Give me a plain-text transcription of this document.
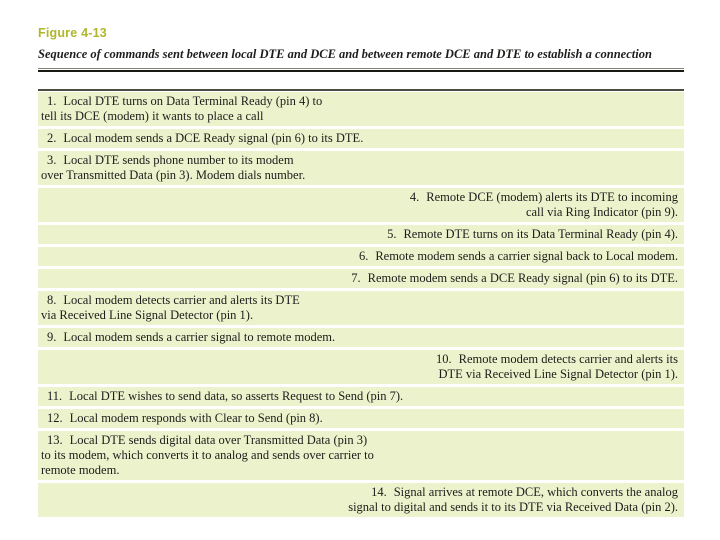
Figure 4-13
Sequence of commands sent between local DTE and DCE and between remote DCE and DTE to establish a connection
1. Local DTE turns on Data Terminal Ready (pin 4) to
tell its DCE (modem) it wants to place a call
2. Local modem sends a DCE Ready signal (pin 6) to its DTE.
3. Local DTE sends phone number to its modem
over Transmitted Data (pin 3). Modem dials number.
4. Remote DCE (modem) alerts its DTE to incoming
call via Ring Indicator (pin 9).
5. Remote DTE turns on its Data Terminal Ready (pin 4).
6. Remote modem sends a carrier signal back to Local modem.
7. Remote modem sends a DCE Ready signal (pin 6) to its DTE.
8. Local modem detects carrier and alerts its DTE
via Received Line Signal Detector (pin 1).
9. Local modem sends a carrier signal to remote modem.
10. Remote modem detects carrier and alerts its
DTE via Received Line Signal Detector (pin 1).
11. Local DTE wishes to send data, so asserts Request to Send (pin 7).
12. Local modem responds with Clear to Send (pin 8).
13. Local DTE sends digital data over Transmitted Data (pin 3)
to its modem, which converts it to analog and sends over carrier to
remote modem.
14. Signal arrives at remote DCE, which converts the analog
signal to digital and sends it to its DTE via Received Data (pin 2).
